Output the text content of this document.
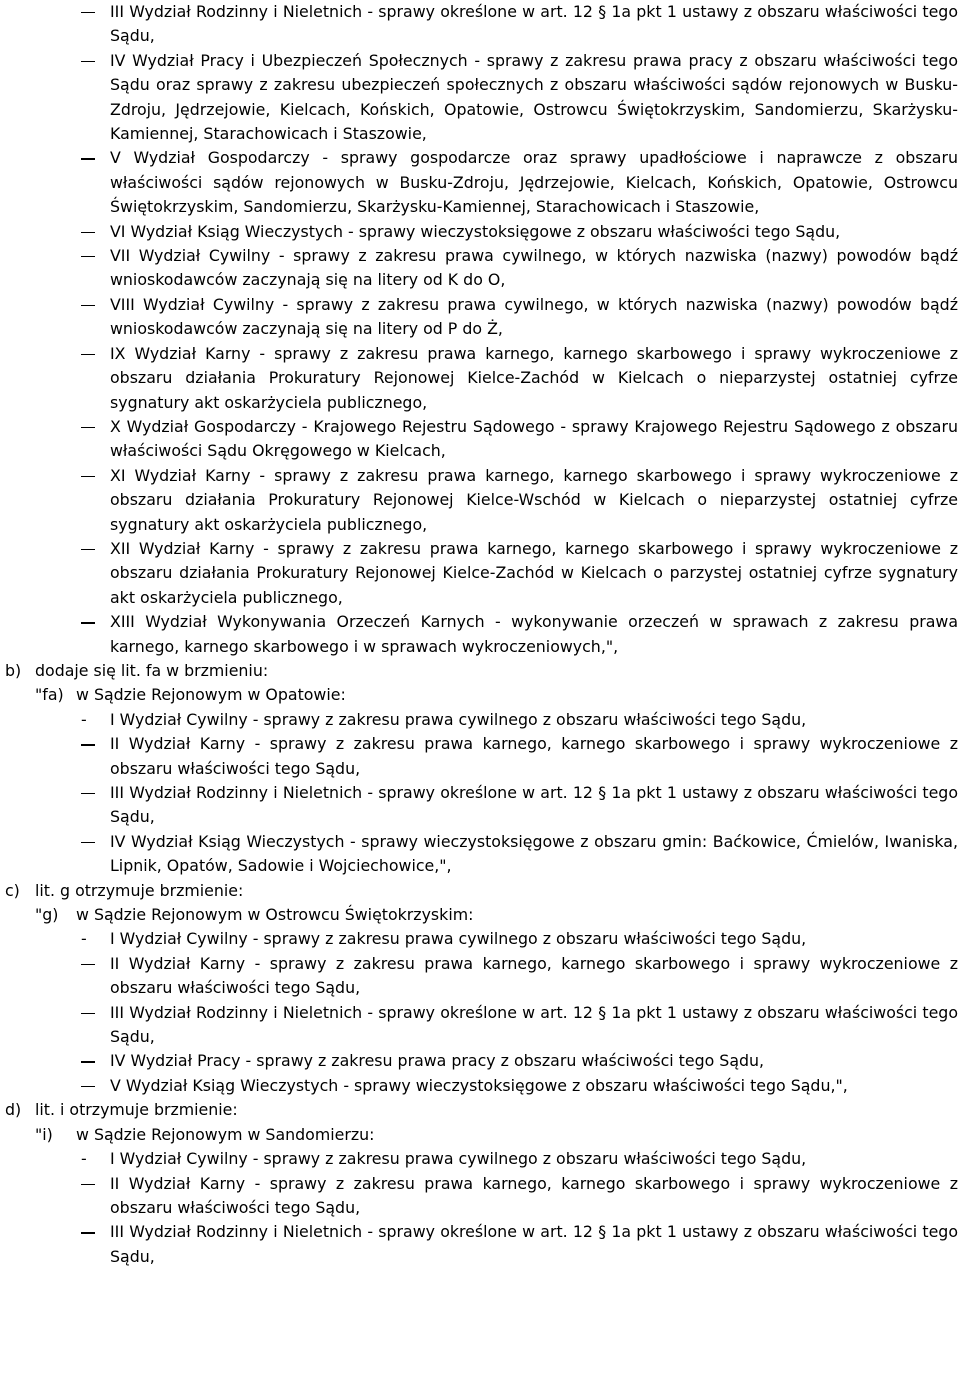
III Wydział Rodzinny i Nieletnich - sprawy określone w art. 12 § 1a pkt 1 ustawy z obszaru właściwości tego Sądu,

IV Wydział Pracy i Ubezpieczeń Społecznych - sprawy z zakresu prawa pracy z obszaru właściwości tego Sądu oraz sprawy z zakresu ubezpieczeń społecznych z obszaru właściwości sądów rejonowych w Busku-Zdroju, Jędrzejowie, Kielcach, Końskich, Opatowie, Ostrowcu Świętokrzyskim, Sandomierzu, Skarżysku-Kamiennej, Starachowicach i Staszowie,

V Wydział Gospodarczy - sprawy gospodarcze oraz sprawy upadłościowe i naprawcze z obszaru właściwości sądów rejonowych w Busku-Zdroju, Jędrzejowie, Kielcach, Końskich, Opatowie, Ostrowcu Świętokrzyskim, Sandomierzu, Skarżysku-Kamiennej, Starachowicach i Staszowie,

VI Wydział Ksiąg Wieczystych - sprawy wieczystoksięgowe z obszaru właściwości tego Sądu,

VII Wydział Cywilny - sprawy z zakresu prawa cywilnego, w których nazwiska (nazwy) powodów bądź wnioskodawców zaczynają się na litery od K do O,

VIII Wydział Cywilny - sprawy z zakresu prawa cywilnego, w których nazwiska (nazwy) powodów bądź wnioskodawców zaczynają się na litery od P do Ż,

IX Wydział Karny - sprawy z zakresu prawa karnego, karnego skarbowego i sprawy wykroczeniowe z obszaru działania Prokuratury Rejonowej Kielce-Zachód w Kielcach o nieparzystej ostatniej cyfrze sygnatury akt oskarżyciela publicznego,

X Wydział Gospodarczy - Krajowego Rejestru Sądowego - sprawy Krajowego Rejestru Sądowego z obszaru właściwości Sądu Okręgowego w Kielcach,

XI Wydział Karny - sprawy z zakresu prawa karnego, karnego skarbowego i sprawy wykroczeniowe z obszaru działania Prokuratury Rejonowej Kielce-Wschód w Kielcach o nieparzystej ostatniej cyfrze sygnatury akt oskarżyciela publicznego,

XII Wydział Karny - sprawy z zakresu prawa karnego, karnego skarbowego i sprawy wykroczeniowe z obszaru działania Prokuratury Rejonowej Kielce-Zachód w Kielcach o parzystej ostatniej cyfrze sygnatury akt oskarżyciela publicznego,

XIII Wydział Wykonywania Orzeczeń Karnych - wykonywanie orzeczeń w sprawach z zakresu prawa karnego, karnego skarbowego i w sprawach wykroczeniowych,",

b) dodaje się lit. fa w brzmieniu:
"fa) w Sądzie Rejonowym w Opatowie:
- I Wydział Cywilny - sprawy z zakresu prawa cywilnego z obszaru właściwości tego Sądu,

II Wydział Karny - sprawy z zakresu prawa karnego, karnego skarbowego i sprawy wykroczeniowe z obszaru właściwości tego Sądu,

III Wydział Rodzinny i Nieletnich - sprawy określone w art. 12 § 1a pkt 1 ustawy z obszaru właściwości tego Sądu,

IV Wydział Ksiąg Wieczystych - sprawy wieczystoksięgowe z obszaru gmin: Baćkowice, Ćmielów, Iwaniska, Lipnik, Opatów, Sadowie i Wojciechowice,",

c) lit. g otrzymuje brzmienie:
"g) w Sądzie Rejonowym w Ostrowcu Świętokrzyskim:
- I Wydział Cywilny - sprawy z zakresu prawa cywilnego z obszaru właściwości tego Sądu,

II Wydział Karny - sprawy z zakresu prawa karnego, karnego skarbowego i sprawy wykroczeniowe z obszaru właściwości tego Sądu,

III Wydział Rodzinny i Nieletnich - sprawy określone w art. 12 § 1a pkt 1 ustawy z obszaru właściwości tego Sądu,

IV Wydział Pracy - sprawy z zakresu prawa pracy z obszaru właściwości tego Sądu,

V Wydział Ksiąg Wieczystych - sprawy wieczystoksięgowe z obszaru właściwości tego Sądu,",

d) lit. i otrzymuje brzmienie:
"i) w Sądzie Rejonowym w Sandomierzu:
- I Wydział Cywilny - sprawy z zakresu prawa cywilnego z obszaru właściwości tego Sądu,

II Wydział Karny - sprawy z zakresu prawa karnego, karnego skarbowego i sprawy wykroczeniowe z obszaru właściwości tego Sądu,

III Wydział Rodzinny i Nieletnich - sprawy określone w art. 12 § 1a pkt 1 ustawy z obszaru właściwości tego Sądu,
